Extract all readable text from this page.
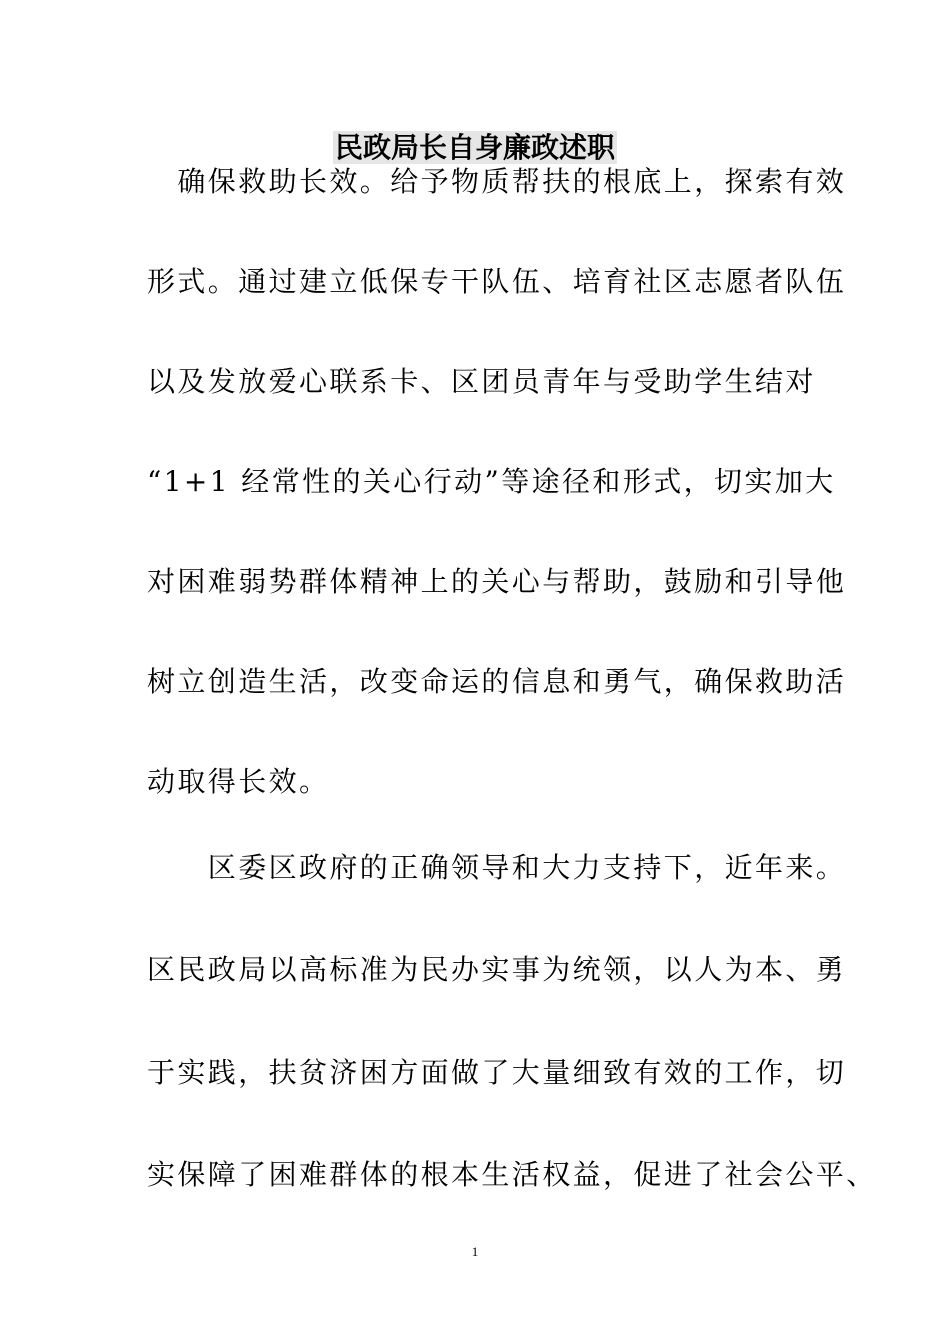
民政局长自身廉政述职
　确保救助长效。给予物质帮扶的根底上，探索有效
形式。通过建立低保专干队伍、培育社区志愿者队伍
以及发放爱心联系卡、区团员青年与受助学生结对
“1+1 经常性的关心行动”等途径和形式，切实加大
对困难弱势群体精神上的关心与帮助，鼓励和引导他
树立创造生活，改变命运的信息和勇气，确保救助活
动取得长效。
　　区委区政府的正确领导和大力支持下，近年来。
区民政局以高标准为民办实事为统领，以人为本、勇
于实践，扶贫济困方面做了大量细致有效的工作，切
实保障了困难群体的根本生活权益，促进了社会公平、
1
